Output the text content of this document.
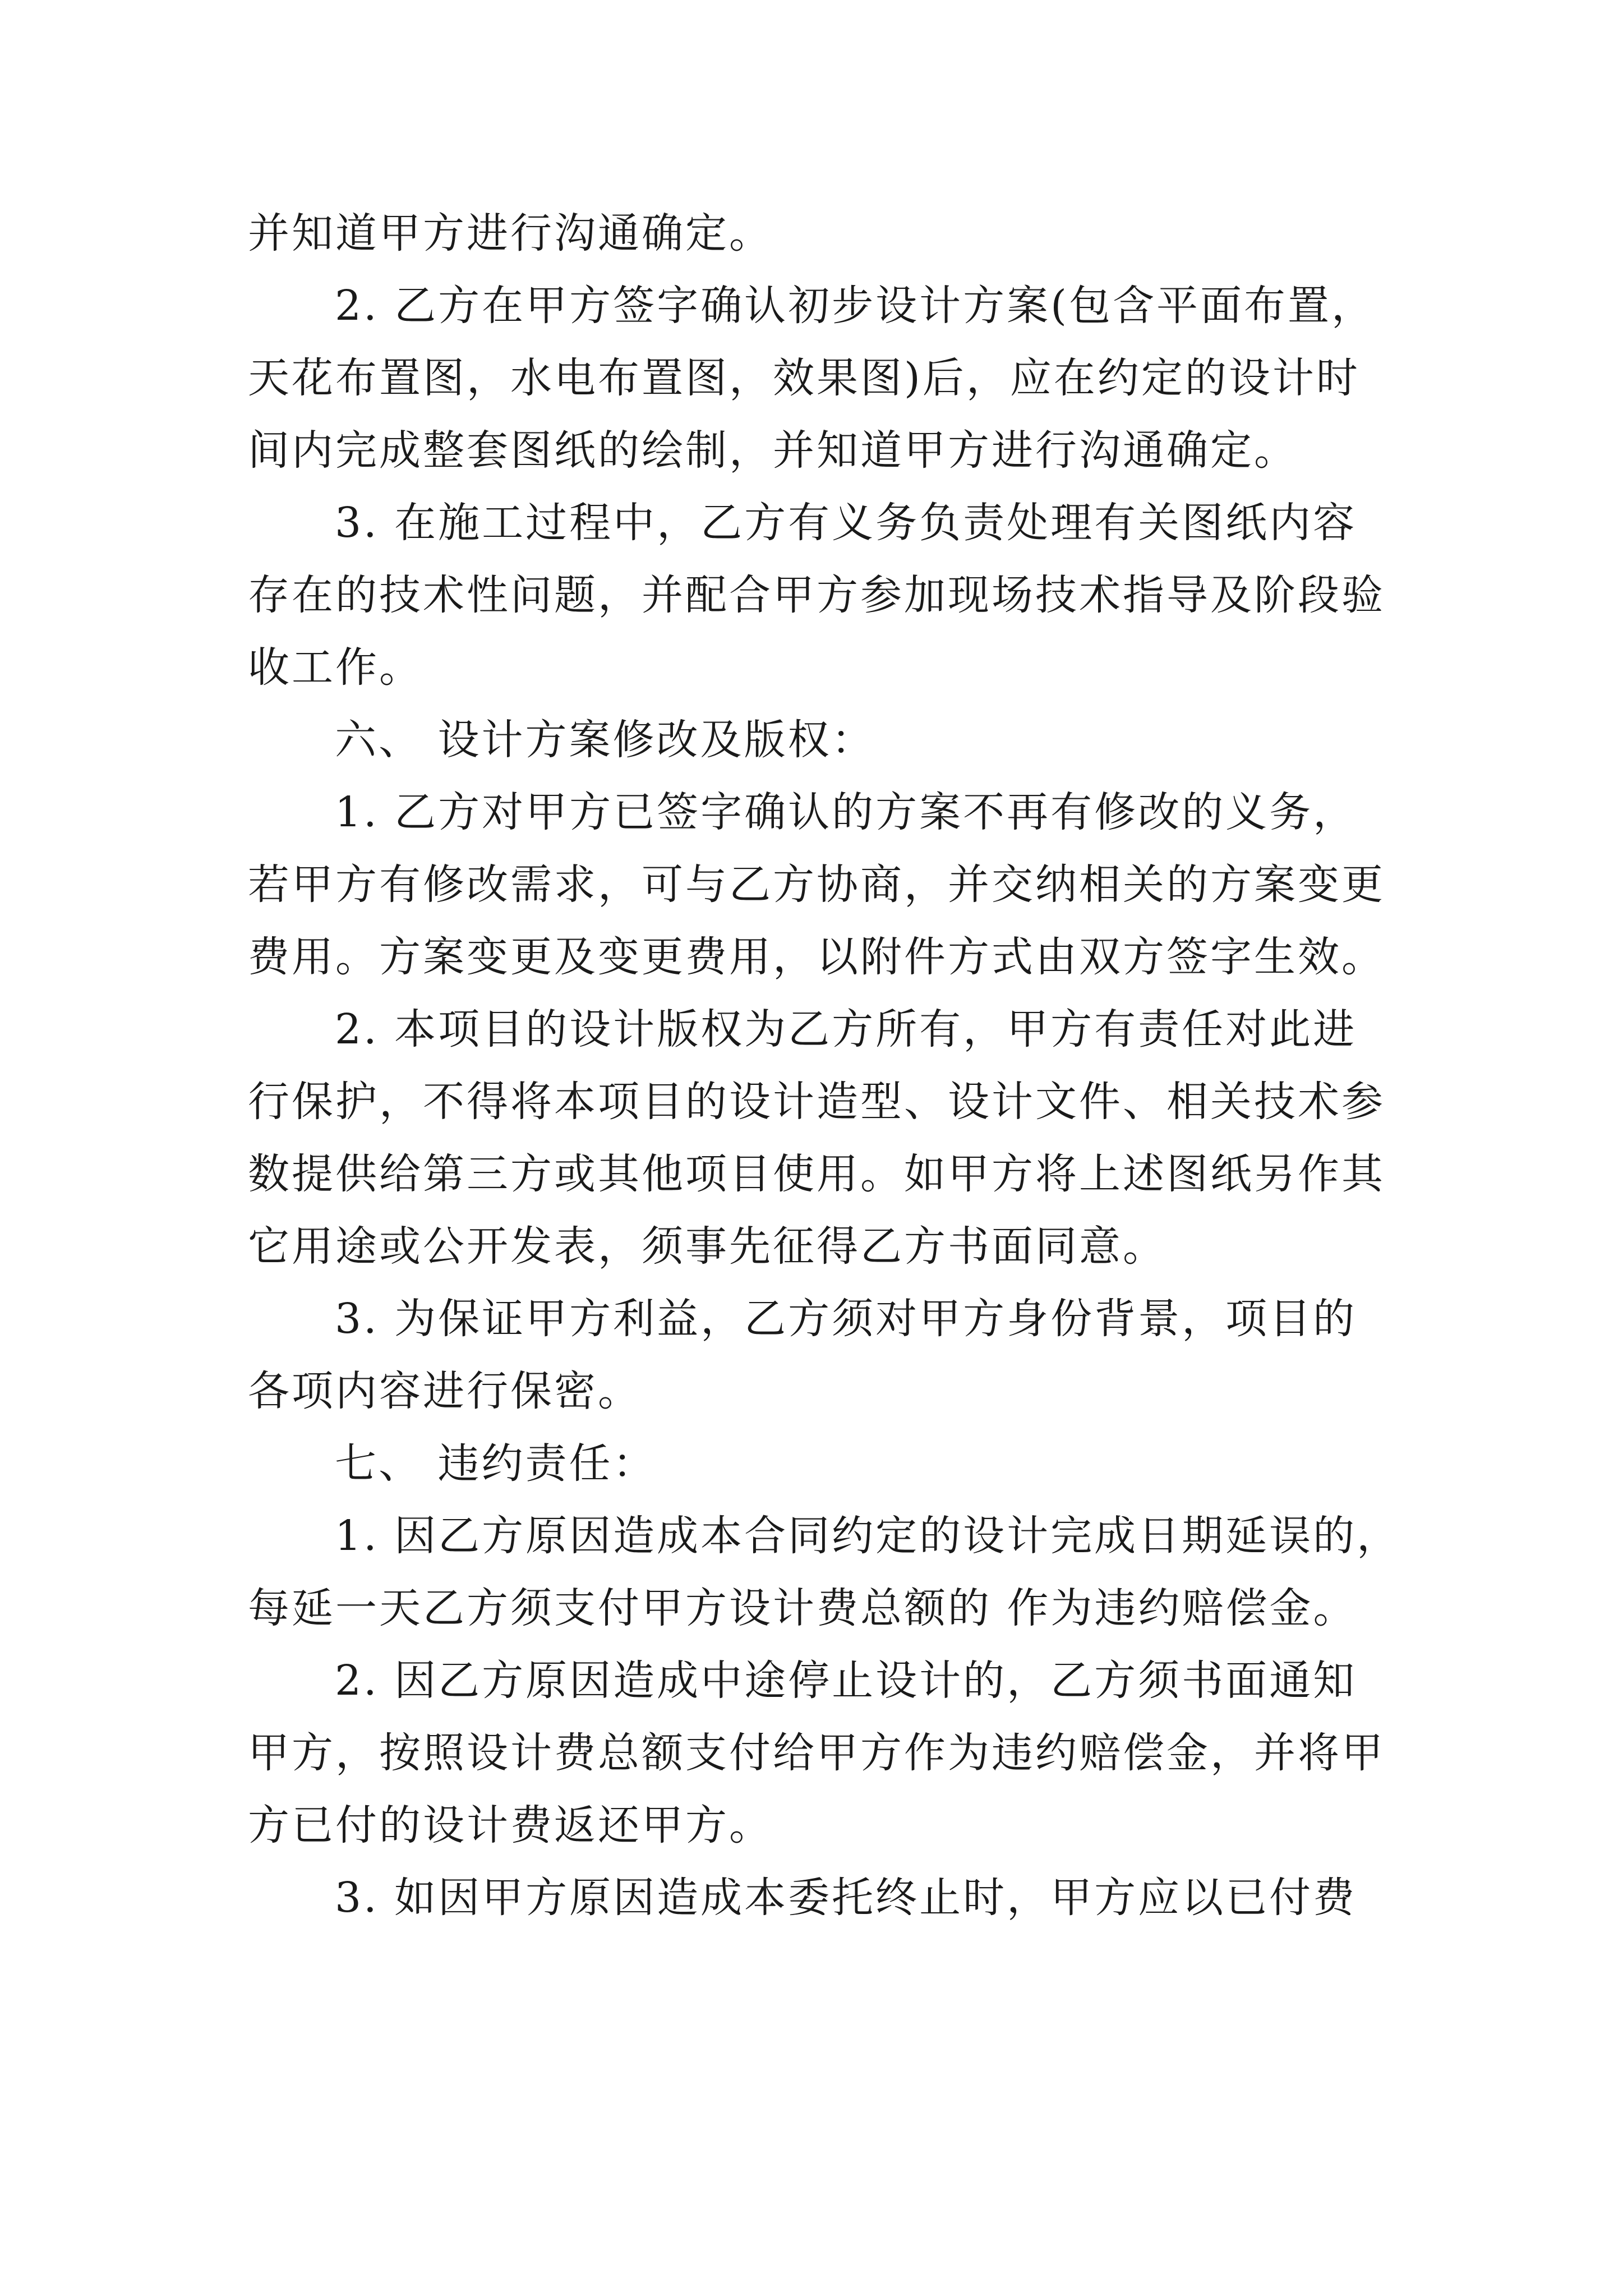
并知道甲方进行沟通确定。
2. 乙方在甲方签字确认初步设计方案(包含平面布置，
天花布置图，水电布置图，效果图)后，应在约定的设计时
间内完成整套图纸的绘制，并知道甲方进行沟通确定。
3. 在施工过程中，乙方有义务负责处理有关图纸内容
存在的技术性问题，并配合甲方参加现场技术指导及阶段验
收工作。
六、 设计方案修改及版权：
1. 乙方对甲方已签字确认的方案不再有修改的义务，
若甲方有修改需求，可与乙方协商，并交纳相关的方案变更
费用。方案变更及变更费用，以附件方式由双方签字生效。
2. 本项目的设计版权为乙方所有，甲方有责任对此进
行保护，不得将本项目的设计造型、设计文件、相关技术参
数提供给第三方或其他项目使用。如甲方将上述图纸另作其
它用途或公开发表，须事先征得乙方书面同意。
3. 为保证甲方利益，乙方须对甲方身份背景，项目的
各项内容进行保密。
七、 违约责任：
1. 因乙方原因造成本合同约定的设计完成日期延误的，
每延一天乙方须支付甲方设计费总额的 作为违约赔偿金。
2. 因乙方原因造成中途停止设计的，乙方须书面通知
甲方，按照设计费总额支付给甲方作为违约赔偿金，并将甲
方已付的设计费返还甲方。
3. 如因甲方原因造成本委托终止时，甲方应以已付费
